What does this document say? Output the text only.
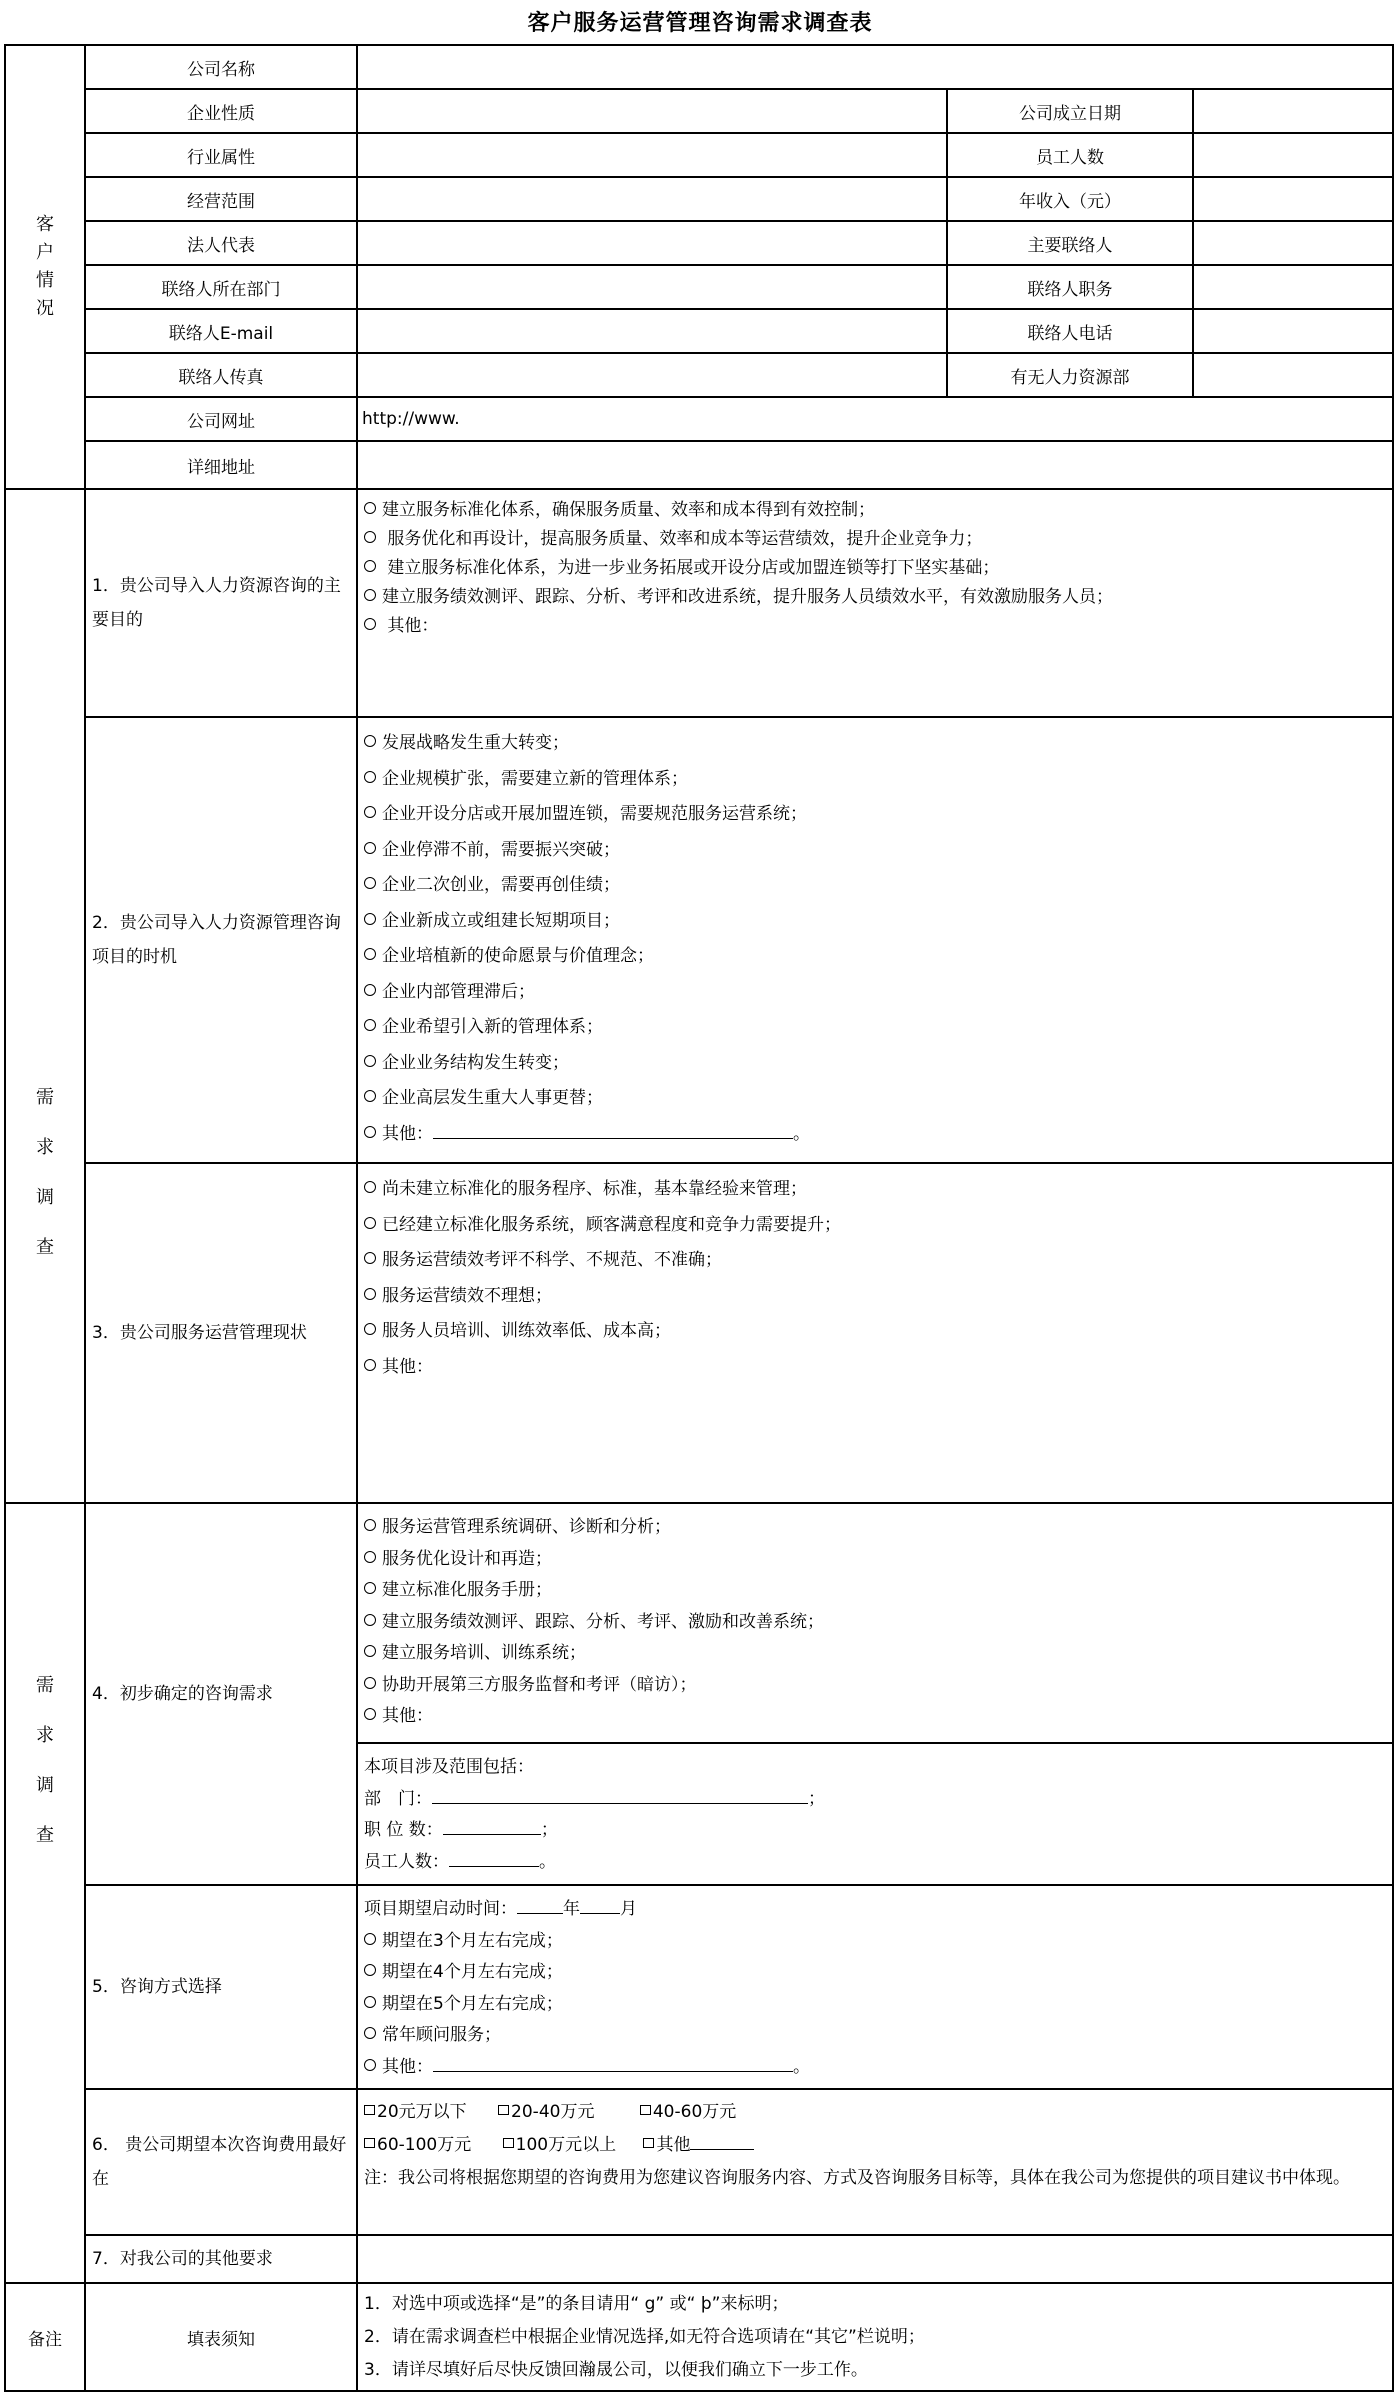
客户服务运营管理咨询需求调查表
客
户
情
况
公司名称
企业性质	公司成立日期
行业属性	员工人数
经营范围	年收入（元）
法人代表	主要联络人
联络人所在部门	联络人职务
联络人E-mail	联络人电话
联络人传真	有无人力资源部
公司网址	http://www.
详细地址
需
求
调
查
1．贵公司导入人力资源咨询的主要目的
建立服务标准化体系，确保服务质量、效率和成本得到有效控制；
服务优化和再设计，提高服务质量、效率和成本等运营绩效，提升企业竞争力；
建立服务标准化体系，为进一步业务拓展或开设分店或加盟连锁等打下坚实基础；
建立服务绩效测评、跟踪、分析、考评和改进系统，提升服务人员绩效水平，有效激励服务人员；
其他：
2．贵公司导入人力资源管理咨询项目的时机
发展战略发生重大转变；
企业规模扩张，需要建立新的管理体系；
企业开设分店或开展加盟连锁，需要规范服务运营系统；
企业停滞不前，需要振兴突破；
企业二次创业，需要再创佳绩；
企业新成立或组建长短期项目；
企业培植新的使命愿景与价值理念；
企业内部管理滞后；
企业希望引入新的管理体系；
企业业务结构发生转变；
企业高层发生重大人事更替；
其他：	。
3．贵公司服务运营管理现状
尚未建立标准化的服务程序、标准，基本靠经验来管理；
已经建立标准化服务系统，顾客满意程度和竞争力需要提升；
服务运营绩效考评不科学、不规范、不准确；
服务运营绩效不理想；
服务人员培训、训练效率低、成本高；
其他：
需
求
调
查
4．初步确定的咨询需求
服务运营管理系统调研、诊断和分析；
服务优化设计和再造；
建立标准化服务手册；
建立服务绩效测评、跟踪、分析、考评、激励和改善系统；
建立服务培训、训练系统；
协助开展第三方服务监督和考评（暗访）；
其他：
本项目涉及范围包括：
部　门：	；
职 位 数：	；
员工人数：	。
5．咨询方式选择
项目期望启动时间：	年 月
期望在3个月左右完成；
期望在4个月左右完成；
期望在5个月左右完成；
常年顾问服务；
其他：	。
6． 贵公司期望本次咨询费用最好在
20元万以下	20-40万元	40-60万元
60-100万元	100万元以上 其他
注：我公司将根据您期望的咨询费用为您建议咨询服务内容、方式及咨询服务目标等，具体在我公司为您提供的项目建议书中体现。
7．对我公司的其他要求
备注	填表须知
1．对选中项或选择“是”的条目请用“ g” 或“ þ”来标明；
2．请在需求调查栏中根据企业情况选择,如无符合选项请在“其它”栏说明；
3．请详尽填好后尽快反馈回瀚晟公司，以便我们确立下一步工作。
